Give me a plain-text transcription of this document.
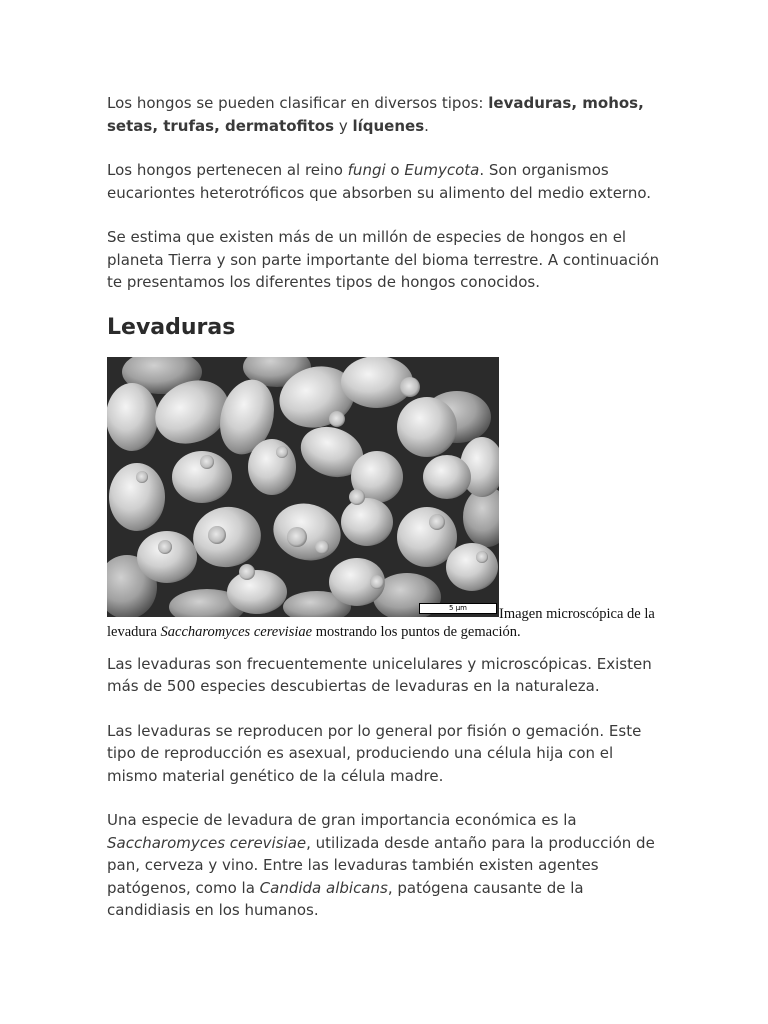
Los hongos se pueden clasificar en diversos tipos: levaduras, mohos, setas, trufas, dermatofitos y líquenes.

Los hongos pertenecen al reino fungi o Eumycota. Son organismos eucariontes heterotróficos que absorben su alimento del medio externo.

Se estima que existen más de un millón de especies de hongos en el planeta Tierra y son parte importante del bioma terrestre. A continuación te presentamos los diferentes tipos de hongos conocidos.

Levaduras
5 µm	Imagen microscópica de la
levadura Saccharomyces cerevisiae mostrando los puntos de gemación.

Las levaduras son frecuentemente unicelulares y microscópicas. Existen más de 500 especies descubiertas de levaduras en la naturaleza.

Las levaduras se reproducen por lo general por fisión o gemación. Este tipo de reproducción es asexual, produciendo una célula hija con el mismo material genético de la célula madre.

Una especie de levadura de gran importancia económica es la Saccharomyces cerevisiae, utilizada desde antaño para la producción de pan, cerveza y vino. Entre las levaduras también existen agentes patógenos, como la Candida albicans, patógena causante de la candidiasis en los humanos.
